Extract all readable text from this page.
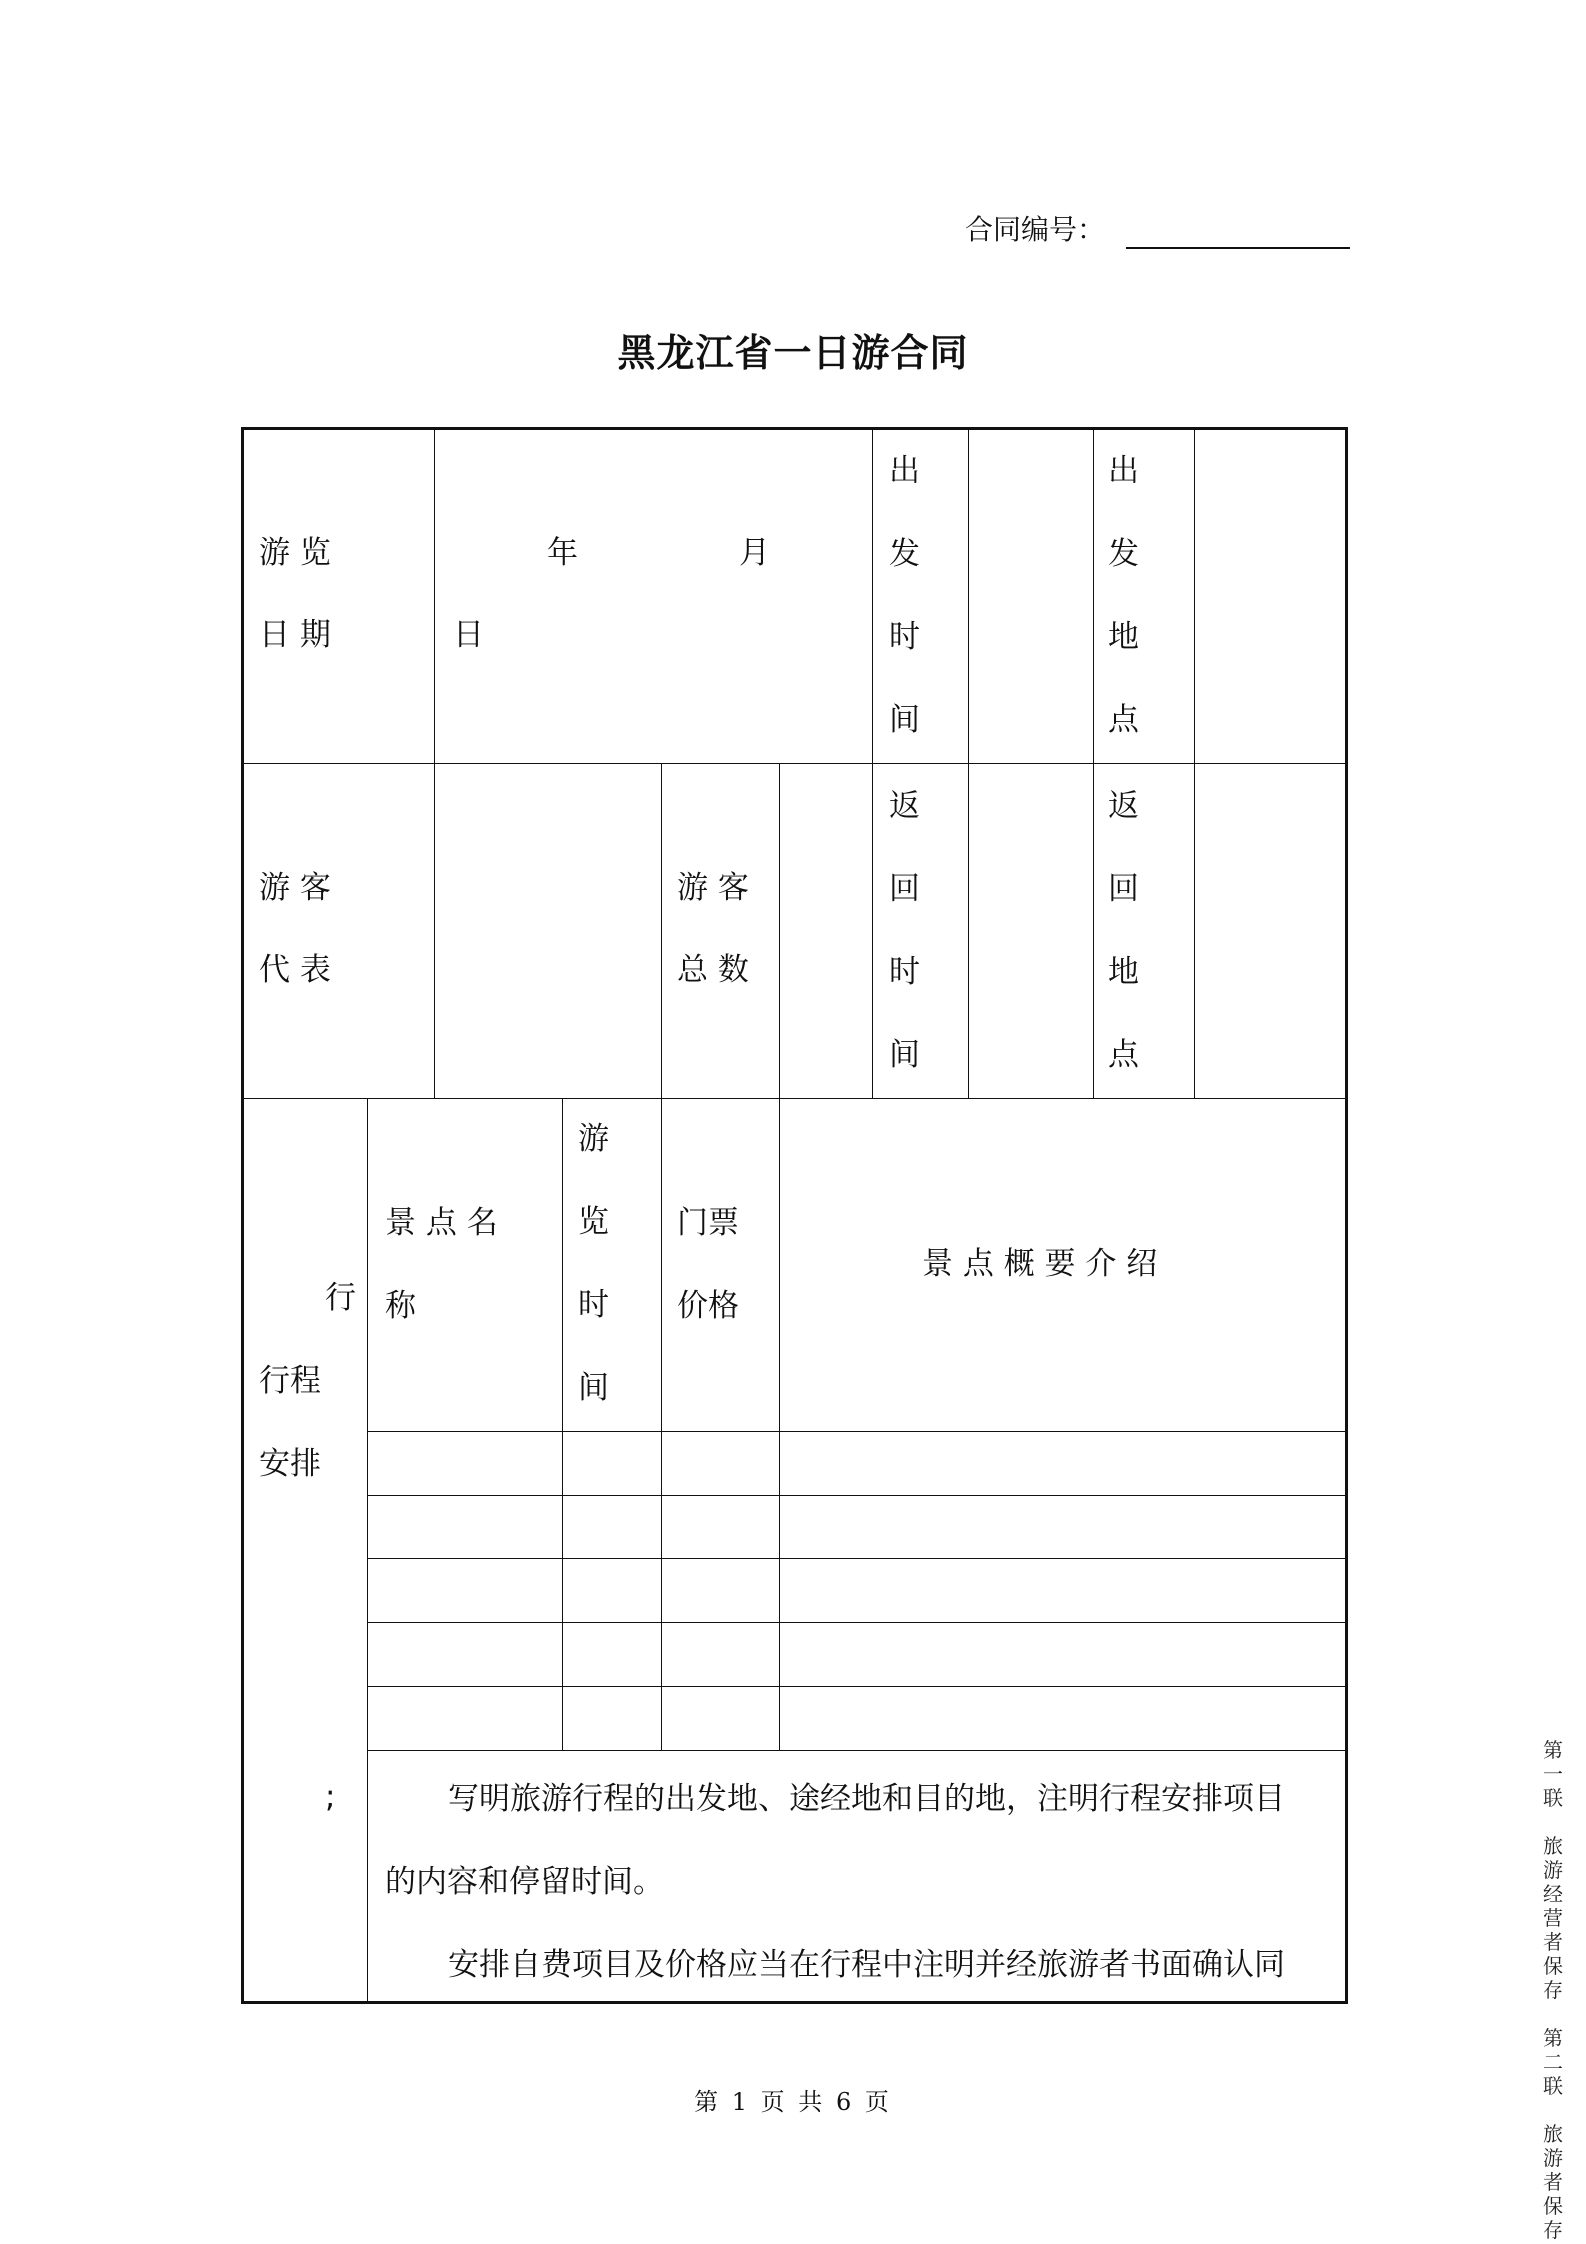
合同编号：
黑龙江省一日游合同
游 览
日 期
年	月
日
出
发
时
间
出
发
地
点
游 客
代 表
游 客
总 数
返
回
时
间
返
回
地
点
行
行程
安排
;
景 点 名
称
游
览
时
间
门票
价格
景 点 概 要 介 绍
写明旅游行程的出发地、途经地和目的地，注明行程安排项目
的内容和停留时间。
安排自费项目及价格应当在行程中注明并经旅游者书面确认同
第 1 页 共 6 页
第
一
联

旅
游
经
营
者
保
存

第
二
联

旅
游
者
保
存
